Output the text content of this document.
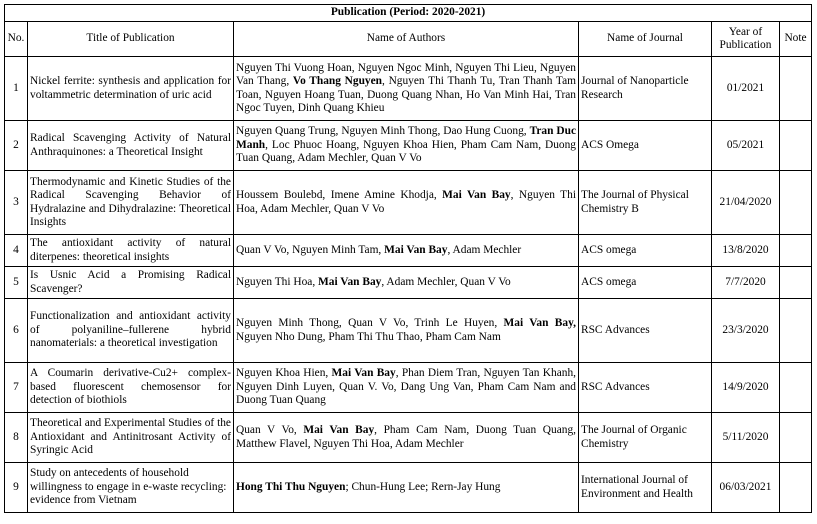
Publication (Period: 2020-2021)					
No.	Title of Publication	Name of Authors	Name of Journal	Year of Publication	Note
1	Nickel ferrite: synthesis and application for voltammetric determination of uric acid	Nguyen Thi Vuong Hoan, Nguyen Ngoc Minh, Nguyen Thi Lieu, Nguyen Van Thang, Vo Thang Nguyen, Nguyen Thi Thanh Tu, Tran Thanh Tam Toan, Nguyen Hoang Tuan, Duong Quang Nhan, Ho Van Minh Hai, Tran Ngoc Tuyen, Dinh Quang Khieu	Journal of Nanoparticle Research	01/2021	
2	Radical Scavenging Activity of Natural Anthraquinones: a Theoretical Insight	Nguyen Quang Trung, Nguyen Minh Thong, Dao Hung Cuong, Tran Duc Manh, Loc Phuoc Hoang, Nguyen Khoa Hien, Pham Cam Nam, Duong Tuan Quang, Adam Mechler, Quan V Vo	ACS Omega	05/2021	
3	Thermodynamic and Kinetic Studies of the Radical Scavenging Behavior of Hydralazine and Dihydralazine: Theoretical Insights	Houssem Boulebd, Imene Amine Khodja, Mai Van Bay, Nguyen Thi Hoa, Adam Mechler, Quan V Vo	The Journal of Physical Chemistry B	21/04/2020	
4	The antioxidant activity of natural diterpenes: theoretical insights	Quan V Vo, Nguyen Minh Tam, Mai Van Bay, Adam Mechler	ACS omega	13/8/2020	
5	Is Usnic Acid a Promising Radical Scavenger?	Nguyen Thi Hoa, Mai Van Bay, Adam Mechler, Quan V Vo	ACS omega	7/7/2020	
6	Functionalization and antioxidant activity of polyaniline–fullerene hybrid nanomaterials: a theoretical investigation	Nguyen Minh Thong, Quan V Vo, Trinh Le Huyen, Mai Van Bay, Nguyen Nho Dung, Pham Thi Thu Thao, Pham Cam Nam	RSC Advances	23/3/2020	
7	A Coumarin derivative-Cu2+ complex-based fluorescent chemosensor for detection of biothiols	Nguyen Khoa Hien, Mai Van Bay, Phan Diem Tran, Nguyen Tan Khanh, Nguyen Dinh Luyen, Quan V. Vo, Dang Ung Van, Pham Cam Nam and Duong Tuan Quang	RSC Advances	14/9/2020	
8	Theoretical and Experimental Studies of the Antioxidant and Antinitrosant Activity of Syringic Acid	Quan V Vo, Mai Van Bay, Pham Cam Nam, Duong Tuan Quang, Matthew Flavel, Nguyen Thi Hoa, Adam Mechler	The Journal of Organic Chemistry	5/11/2020	
9	Study on antecedents of household willingness to engage in e-waste recycling: evidence from Vietnam	Hong Thi Thu Nguyen; Chun-Hung Lee; Rern-Jay Hung	International Journal of Environment and Health	06/03/2021	
